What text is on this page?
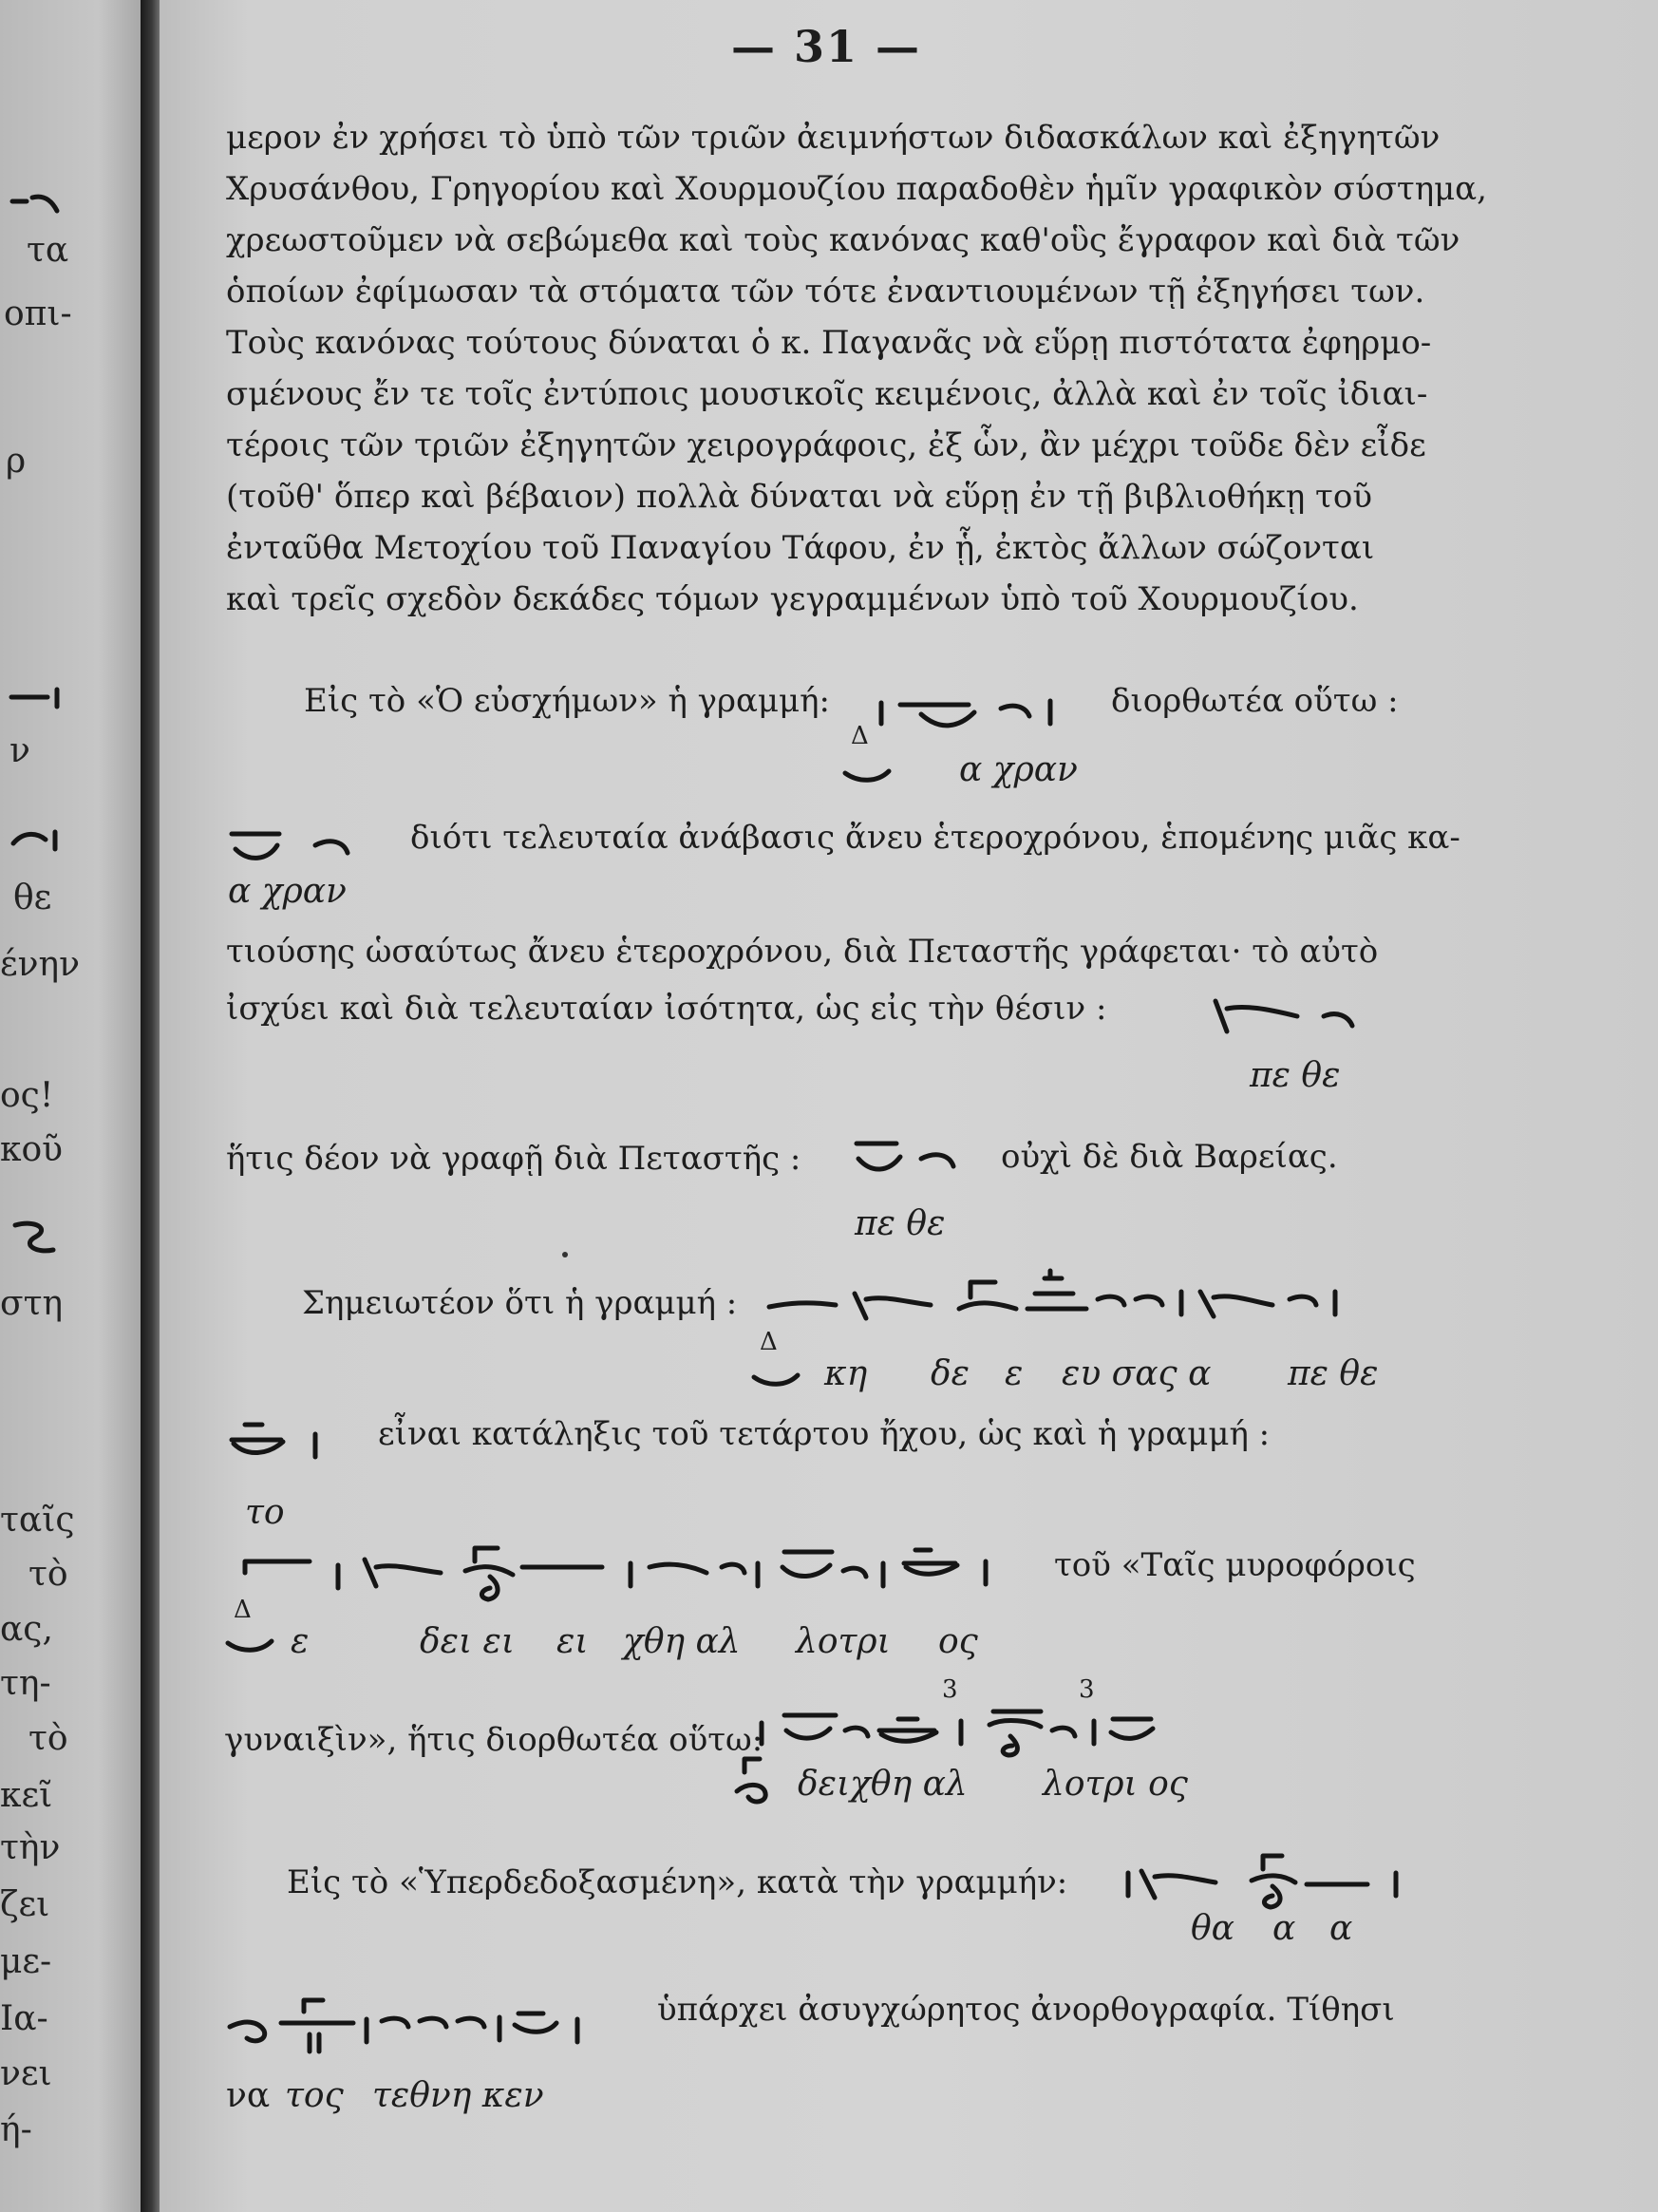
τα
οπι-
ρ
ν
θε
ένην
ος!
κοῦ
στη
ταῖς
τὸ
ας,
τη-
τὸ
κεῖ
τὴν
ζει
με-
Ια-
νει
ή-
— 31 —
μερον ἐν χρήσει τὸ ὑπὸ τῶν τριῶν ἀειμνήστων διδασκάλων καὶ ἐξηγητῶν
Χρυσάνθου, Γρηγορίου καὶ Χουρμουζίου παραδοθὲν ἡμῖν γραφικὸν σύστημα,
χρεωστοῦμεν νὰ σεβώμεθα καὶ τοὺς κανόνας καθ'οὓς ἔγραφον καὶ διὰ τῶν
ὁποίων ἐφίμωσαν τὰ στόματα τῶν τότε ἐναντιουμένων τῇ ἐξηγήσει των.
Τοὺς κανόνας τούτους δύναται ὁ κ. Παγανᾶς νὰ εὕρῃ πιστότατα ἐφηρμο-
σμένους ἔν τε τοῖς ἐντύποις μουσικοῖς κειμένοις, ἀλλὰ καὶ ἐν τοῖς ἰδιαι-
τέροις τῶν τριῶν ἐξηγητῶν χειρογράφοις, ἐξ ὧν, ἂν μέχρι τοῦδε δὲν εἶδε
(τοῦθ' ὅπερ καὶ βέβαιον) πολλὰ δύναται νὰ εὕρῃ ἐν τῇ βιβλιοθήκῃ τοῦ
ἐνταῦθα Μετοχίου τοῦ Παναγίου Τάφου, ἐν ᾗ, ἐκτὸς ἄλλων σώζονται
καὶ τρεῖς σχεδὸν δεκάδες τόμων γεγραμμένων ὑπὸ τοῦ Χουρμουζίου.
Εἰς τὸ «Ὁ εὐσχήμων» ἡ γραμμή:	διορθωτέα οὕτω :
Δ
α χραν
διότι τελευταία ἀνάβασις ἄνευ ἑτεροχρόνου, ἑπομένης μιᾶς κα-
α χραν
τιούσης ὡσαύτως ἄνευ ἑτεροχρόνου, διὰ Πεταστῆς γράφεται· τὸ αὐτὸ
ἰσχύει καὶ διὰ τελευταίαν ἰσότητα, ὡς εἰς τὴν θέσιν :
πε θε
ἥτις δέον νὰ γραφῇ διὰ Πεταστῆς :	οὐχὶ δὲ διὰ Βαρείας.
πε θε
Σημειωτέον ὅτι ἡ γραμμή :
Δ
κη δε ε ευ σας α πε θε
εἶναι κατάληξις τοῦ τετάρτου ἤχου, ὡς καὶ ἡ γραμμή :
το
τοῦ «Ταῖς μυροφόροις
Δ
ε	δει ει ει χθη αλ λοτρι ος
γυναιξὶν», ἥτις διορθωτέα οὕτω:
3	3
δειχθη αλ λοτρι ος
Εἰς τὸ «Ὑπερδεδοξασμένη», κατὰ τὴν γραμμήν:
θα α α
ὑπάρχει ἀσυγχώρητος ἀνορθογραφία. Τίθησι
να τος τεθνη κεν
